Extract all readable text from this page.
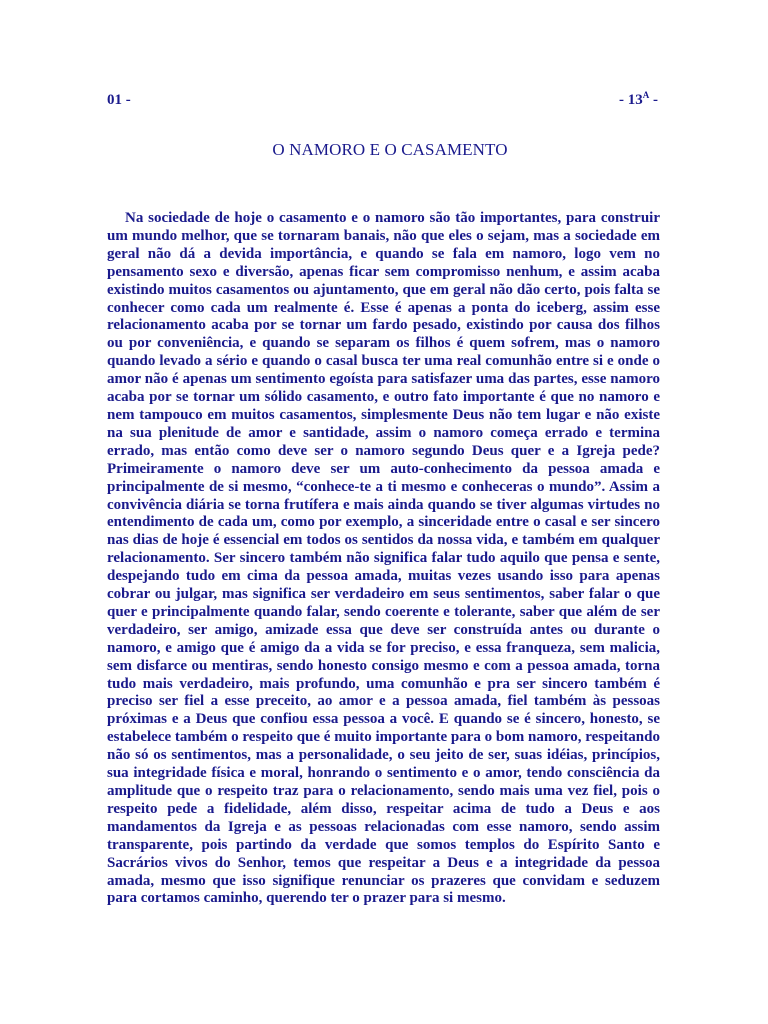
01 -	- $13^A$ -
O NAMORO E O CASAMENTO

Na sociedade de hoje o casamento e o namoro são tão importantes, para construir um mundo melhor, que se tornaram banais, não que eles o sejam, mas a sociedade em geral não dá a devida importância, e quando se fala em namoro, logo vem no pensamento sexo e diversão, apenas ficar sem compromisso nenhum, e assim acaba existindo muitos casamentos ou ajuntamento, que em geral não dão certo, pois falta se conhecer como cada um realmente é. Esse é apenas a ponta do iceberg, assim esse relacionamento acaba por se tornar um fardo pesado, existindo por causa dos filhos ou por conveniência, e quando se separam os filhos é quem sofrem, mas o namoro quando levado a sério e quando o casal busca ter uma real comunhão entre si e onde o amor não é apenas um sentimento egoísta para satisfazer uma das partes, esse namoro acaba por se tornar um sólido casamento, e outro fato importante é que no namoro e nem tampouco em muitos casamentos, simplesmente Deus não tem lugar e não existe na sua plenitude de amor e santidade, assim o namoro começa errado e termina errado, mas então como deve ser o namoro segundo Deus quer e a Igreja pede? Primeiramente o namoro deve ser um auto-conhecimento da pessoa amada e principalmente de si mesmo, “conhece-te a ti mesmo e conheceras o mundo”. Assim a convivência diária se torna frutífera e mais ainda quando se tiver algumas virtudes no entendimento de cada um, como por exemplo, a sinceridade entre o casal e ser sincero nas dias de hoje é essencial em todos os sentidos da nossa vida, e também em qualquer relacionamento. Ser sincero também não significa falar tudo aquilo que pensa e sente, despejando tudo em cima da pessoa amada, muitas vezes usando isso para apenas cobrar ou julgar, mas significa ser verdadeiro em seus sentimentos, saber falar o que quer e principalmente quando falar, sendo coerente e tolerante, saber que além de ser verdadeiro, ser amigo, amizade essa que deve ser construída antes ou durante o namoro, e amigo que é amigo da a vida se for preciso, e essa franqueza, sem malicia, sem disfarce ou mentiras, sendo honesto consigo mesmo e com a pessoa amada, torna tudo mais verdadeiro, mais profundo, uma comunhão e pra ser sincero também é preciso ser fiel a esse preceito, ao amor e a pessoa amada, fiel também às pessoas próximas e a Deus que confiou essa pessoa a você. E quando se é sincero, honesto, se estabelece também o respeito que é muito importante para o bom namoro, respeitando não só os sentimentos, mas a personalidade, o seu jeito de ser, suas idéias, princípios, sua integridade física e moral, honrando o sentimento e o amor, tendo consciência da amplitude que o respeito traz para o relacionamento, sendo mais uma vez fiel, pois o respeito pede a fidelidade, além disso, respeitar acima de tudo a Deus e aos mandamentos da Igreja e as pessoas relacionadas com esse namoro, sendo assim transparente, pois partindo da verdade que somos templos do Espírito Santo e Sacrários vivos do Senhor, temos que respeitar a Deus e a integridade da pessoa amada, mesmo que isso signifique renunciar os prazeres que convidam e seduzem para cortamos caminho, querendo ter o prazer para si mesmo.
